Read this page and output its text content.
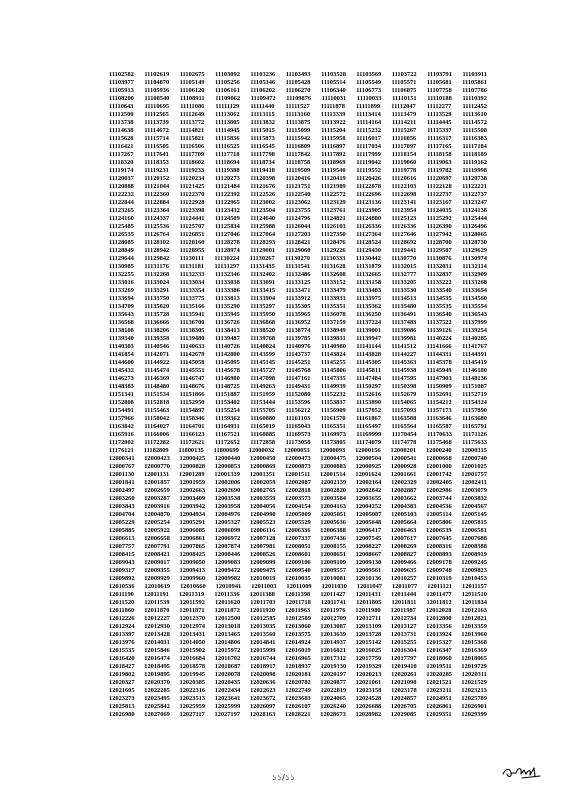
11102582 11102619 11102675 11103092 11103236 11103493 11103528 11103569 11103722 11103791 11103911
11103977 11104870 11105149 11105256 11105346 11105428 11105514 11105549 11105571 11105681 11105861
11105913 11105936 11106120 11106161 11106202 11106270 11106340 11106773 11106875 11107758 11107786
11108200 11108540 11108911 11109062 11109472 11109876 11110031 11110033 11110151 11110188 11110392
11110643 11110695 11111086 11111129 11111440 11111527 11111878 11111899 11112047 11112277 11112452
11112500 11112565 11112649 11113062 11113115 11113160 11113339 11113414 11113479 11113529 11113610
11113738 11113739 11113772 11113805 11113832 11113875 11113922 11114164 11114211 11114445 11114572
11114638 11114672 11114821 11114945 11115015 11115099 11115204 11115232 11115267 11115337 11115508
11115628 11115714 11115821 11115836 11115873 11115942 11115958 11116017 11116056 11116317 11116383
11116421 11116505 11116506 11116525 11116545 11116809 11116897 11117034 11117097 11117165 11117184
11117267 11117641 11117709 11117718 11117798 11117842 11117892 11117999 11118154 11118158 11118189
11118320 11118353 11118602 11118694 11118734 11118758 11118969 11119042 11119060 11119063 11119162
11119174 11119231 11119233 11119388 11119418 11119509 11119540 11119552 11119778 11119782 11119998
11120037 11120152 11120234 11120273 11120398 11120416 11120419 11120426 11120616 11120697 11120738
11120888 11121044 11121425 11121484 11121676 11121751 11121989 11122078 11122103 11122128 11122221
11122232 11122360 11122370 11122392 11122526 11122540 11122572 11122696 11122698 11122737 11122737
11122844 11122884 11122928 11122965 11123002 11123062 11123129 11123136 11123141 11123167 11123247
11123265 11123364 11123398 11123432 11123504 11123755 11123761 11123905 11123954 11124035 11124138
11124160 11124337 11124441 11124509 11124640 11124796 11124821 11124880 11125123 11125292 11125444
11125485 11125536 11125707 11125834 11125988 11126044 11126103 11126336 11126336 11126390 11126496
11126535 11126764 11126851 11127046 11127064 11127203 11127350 11127364 11127646 11127942 11128065
11128085 11128102 11128160 11128278 11128293 11128421 11128476 11128524 11128692 11128700 11128730
11128849 11128942 11128955 11128974 11129001 11129060 11129226 11129430 11129441 11129587 11129629
11129644 11129842 11130111 11130224 11130267 11130270 11130333 11130442 11130770 11130876 11130974
11130985 11131176 11131181 11131297 11131435 11131541 11131628 11131879 11132015 11132031 11132114
11132255 11132268 11132333 11132346 11132402 11132486 11132608 11132665 11132777 11132837 11132909
11133016 11133024 11133034 11133038 11133091 11133125 11133152 11133158 11133205 11133222 11133268
11133269 11133291 11133354 11133386 11133415 11133471 11133479 11133483 11133530 11133540 11133654
11133694 11133750 11133775 11133813 11133904 11133912 11133933 11133975 11134513 11134535 11134560
11134709 11135020 11135166 11135290 11135297 11135305 11135351 11135362 11135480 11135535 11135554
11135643 11135728 11135941 11135945 11135950 11135965 11136078 11136250 11136491 11136540 11136543
11136568 11136666 11136700 11136726 11136868 11136952 11137159 11137224 11137483 11137522 11137999
11138108 11138206 11138305 11138413 11138520 11138774 11138949 11139001 11139086 11139126 11139254
11139340 11139358 11139480 11139487 11139768 11139785 11139831 11139947 11139981 11140224 11140285
11140303 11140546 11140633 11140726 11140824 11140976 11140980 11141144 11141512 11141666 11141767
11141854 11142071 11142679 11142800 11143599 11143737 11143824 11143828 11144227 11144331 11144391
11144600 11144922 11145058 11145095 11145145 11145251 11145255 11145305 11145363 11145378 11145419
11145432 11145474 11145551 11145678 11145727 11145768 11145806 11145811 11145938 11145949 11146180
11146273 11146369 11146747 11146980 11147098 11147161 11147335 11147484 11147595 11147903 11148136
11148383 11148480 11148676 11148725 11149263 11149431 11149939 11150297 11150398 11150909 11151087
11151341 11151534 11151866 11151887 11151959 11152080 11152232 11152616 11152679 11152691 11152719
11152808 11152818 11152950 11153402 11153444 11153596 11153837 11153890 11154065 11154212 11154324
11154491 11155463 11154897 11155254 11155705 11156212 11156909 11157052 11157093 11157173 11157890
11157966 11158042 11158346 11159362 11160880 11161103 11161570 11161867 11163588 11163646 11163680
11163842 11164027 11164701 11164931 11165019 11165043 11165351 11165497 11165564 11165587 11165791
11165916 11166006 11166123 11167521 11168885 11169573 11169973 11169999 11170454 11170633 11171126
11172002 11172282 11172621 11172652 11172858 11173058 11173805 11174079 11174778 11175468 11175633
11176121 11182809 11800135 11800699 12000032 12000053 12000093 12000156 12000201 12000240 12000315
12000341 12000423 12000425 12000440 12000450 12000473 12000475 12000504 12000541 12000668 12000740
12000767 12000770 12000828 12000853 12000869 12000873 12000883 12000925 12000928 12001000 12001025
12001130 12001131 12001289 12001339 12001351 12001511 12001514 12001624 12001661 12001742 12001757
12001841 12001857 12001959 12002006 12002059 12002087 12002139 12002164 12002329 12002405 12002411
12002497 12002659 12002663 12002690 12002765 12002818 12002820 12002842 12002887 12002986 12003079
12003260 12003287 12003409 12003538 12003559 12003573 12003584 12003655 12003662 12003744 12003832
12003843 12003916 12003942 12003958 12004056 12004154 12004163 12004252 12004383 12004536 12004567
12004704 12004870 12004934 12004976 12004990 12005009 12005051 12005087 12005103 12005114 12005145
12005229 12005254 12005291 12005327 12005523 12005529 12005636 12005648 12005664 12005806 12005815
12005885 12005922 12006085 12006099 12006116 12006336 12006388 12006417 12006463 12006539 12006581
12006613 12006658 12006861 12006972 12007128 12007337 12007436 12007545 12007617 12007645 12007688
12007757 12007791 12007865 12007874 12007981 12008051 12008155 12008227 12008269 12008316 12008388
12008415 12008421 12008425 12008446 12008526 12008601 12008651 12008667 12008827 12008893 12008919
12009043 12009017 12009050 12009083 12009099 12009106 12009109 12009130 12009466 12009178 12009245
12009317 12009355 12009413 12009472 12009475 12009540 12009557 12009561 12009635 12009748 12009823
12009892 12009929 12009960 12009982 12010019 12010035 12010081 12010136 12010257 12010319 12010453
12010536 12010619 12010660 12010941 12011003 12011009 12011030 12011047 12011077 12011121 12011157
12011190 12011191 12011319 12011336 12011388 12011398 12011427 12011431 12011444 12011477 12011510
12011520 12011539 12011592 12011620 12011703 12011718 12011741 12011805 12011811 12011812 12011834
12011860 12011870 12011871 12011872 12011920 12011963 12011976 12011980 12011987 12012028 12012163
12012226 12012227 12012370 12012500 12012585 12012589 12012709 12012711 12012734 12012800 12012821
12012924 12012930 12012974 12013018 12013035 12013060 12013087 12013109 12013127 12013356 12013359
12013397 12013428 12013431 12013465 12013560 12013575 12013639 12013728 12013731 12013924 12013960
12013976 12014031 12014050 12014806 12014841 12014924 12014937 12015142 12015255 12015327 12015368
12015535 12015846 12015902 12015972 12015999 12016019 12016021 12016025 12016304 12016347 12016369
12016420 12016474 12016684 12016702 12016744 12016965 12017312 12017750 12017797 12018060 12018065
12018427 12018495 12018578 12018687 12018917 12018937 12019130 12019329 12019410 12019511 12019729
12019802 12019895 12019945 12020078 12020098 12020181 12020197 12020213 12020261 12020285 12020311
12020327 12020370 12020385 12020435 12020636 12020782 12020877 12021061 12021090 12021521 12021529
12021605 12022285 12022316 12022434 12022623 12022749 12022819 12023158 12023178 12023211 12023213
12023273 12023495 12023513 12023641 12023672 12023683 12024065 12024528 12024857 12024951 12025789
12025813 12025842 12025959 12025999 12026097 12026107 12026240 12026688 12026705 12026861 12026901
12026980 12027069 12027117 12027197 12028163 12028221 12028673 12028982 12029085 12029351 12029399
১১/১১
